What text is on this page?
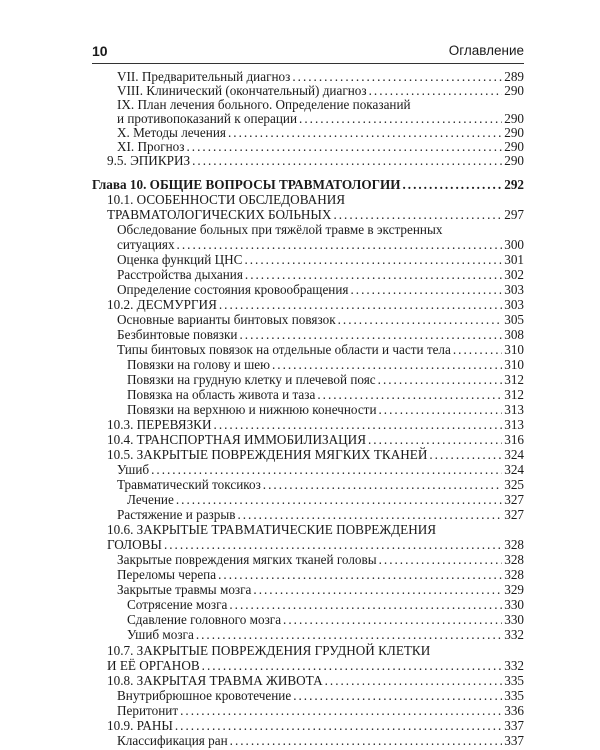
10	Оглавление
VII. Предварительный диагноз .....	289
VIII. Клинический (окончательный) диагноз .....	290
IX. План лечения больного. Определение показаний
и противопоказаний к операции .....	290
X. Методы лечения .....	290
XI. Прогноз .....	290
9.5. ЭПИКРИЗ .....	290
Глава 10. ОБЩИЕ ВОПРОСЫ ТРАВМАТОЛОГИИ .....	292
10.1. ОСОБЕННОСТИ ОБСЛЕДОВАНИЯ
ТРАВМАТОЛОГИЧЕСКИХ БОЛЬНЫХ .....	297
Обследование больных при тяжёлой травме в экстренных
ситуациях .....	300
Оценка функций ЦНС .....	301
Расстройства дыхания .....	302
Определение состояния кровообращения .....	303
10.2. ДЕСМУРГИЯ .....	303
Основные варианты бинтовых повязок .....	305
Безбинтовые повязки .....	308
Типы бинтовых повязок на отдельные области и части тела .....	310
Повязки на голову и шею .....	310
Повязки на грудную клетку и плечевой пояс .....	312
Повязка на область живота и таза .....	312
Повязки на верхнюю и нижнюю конечности .....	313
10.3. ПЕРЕВЯЗКИ .....	313
10.4. ТРАНСПОРТНАЯ ИММОБИЛИЗАЦИЯ .....	316
10.5. ЗАКРЫТЫЕ ПОВРЕЖДЕНИЯ МЯГКИХ ТКАНЕЙ .....	324
Ушиб .....	324
Травматический токсикоз .....	325
Лечение .....	327
Растяжение и разрыв .....	327
10.6. ЗАКРЫТЫЕ ТРАВМАТИЧЕСКИЕ ПОВРЕЖДЕНИЯ
ГОЛОВЫ .....	328
Закрытые повреждения мягких тканей головы .....	328
Переломы черепа .....	328
Закрытые травмы мозга .....	329
Сотрясение мозга .....	330
Сдавление головного мозга .....	330
Ушиб мозга .....	332
10.7. ЗАКРЫТЫЕ ПОВРЕЖДЕНИЯ ГРУДНОЙ КЛЕТКИ
И ЕЁ ОРГАНОВ .....	332
10.8. ЗАКРЫТАЯ ТРАВМА ЖИВОТА .....	335
Внутрибрюшное кровотечение .....	335
Перитонит .....	336
10.9. РАНЫ .....	337
Классификация ран .....	337
